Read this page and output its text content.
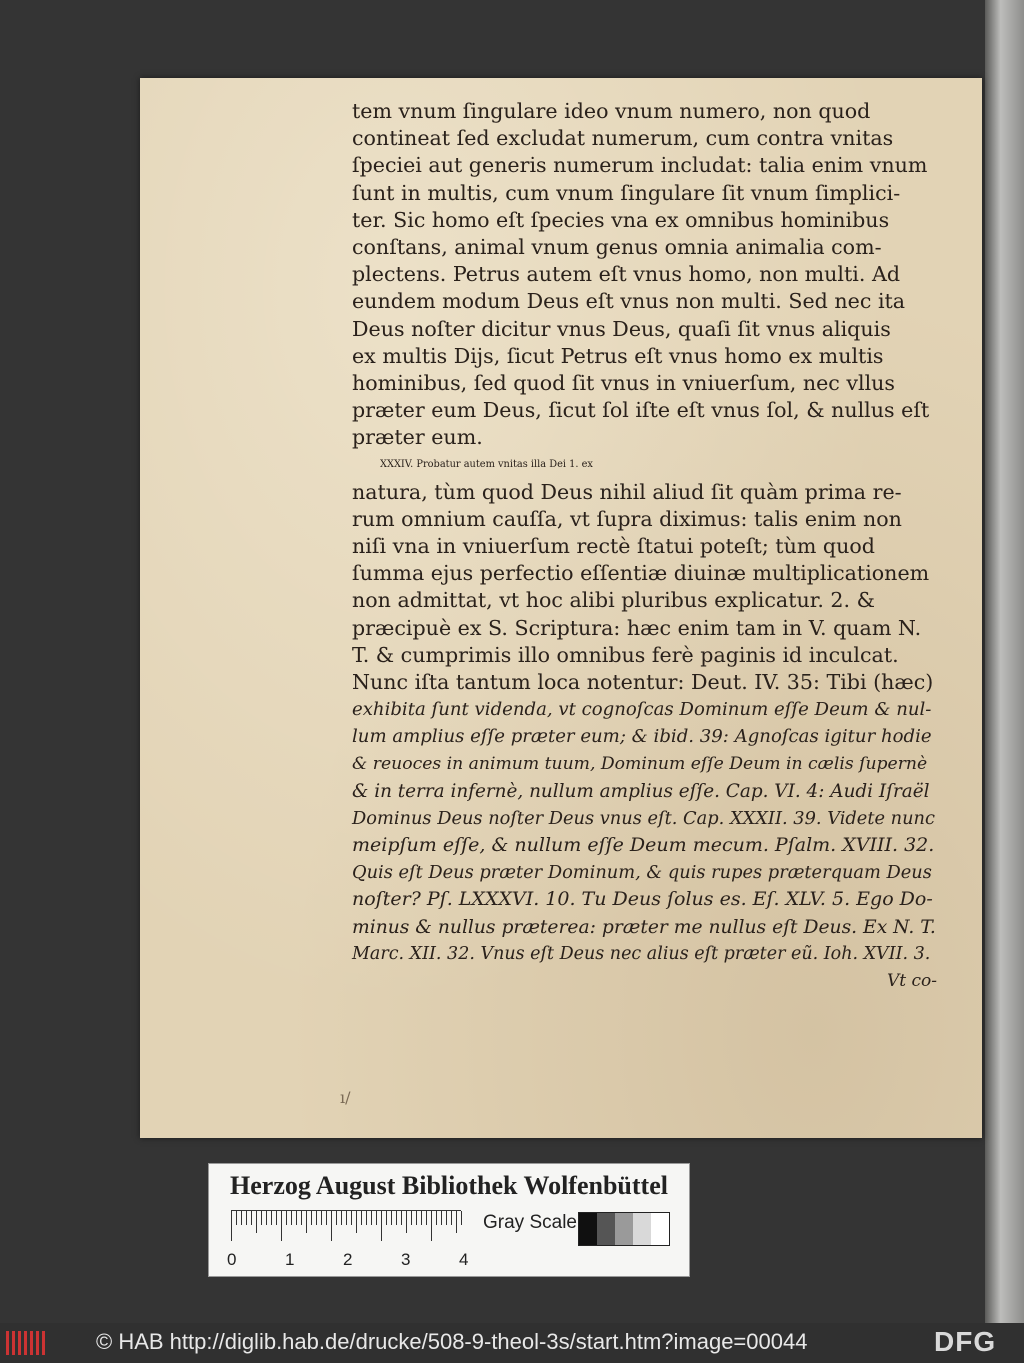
tem vnum ſingulare ideo vnum numero, non quod
contineat ſed excludat numerum, cum contra vnitas
ſpeciei aut generis numerum includat: talia enim vnum
ſunt in multis, cum vnum ſingulare ſit vnum ſimplici-
ter. Sic homo eſt ſpecies vna ex omnibus hominibus
conſtans, animal vnum genus omnia animalia com-
plectens. Petrus autem eſt vnus homo, non multi. Ad
eundem modum Deus eſt vnus non multi. Sed nec ita
Deus noſter dicitur vnus Deus, quaſi ſit vnus aliquis
ex multis Dijs, ſicut Petrus eſt vnus homo ex multis
hominibus, ſed quod ſit vnus in vniuerſum, nec vllus
præter eum Deus, ſicut ſol iſte eſt vnus ſol, & nullus eſt
præter eum.
XXXIV. Probatur autem vnitas illa Dei 1. ex
natura, tùm quod Deus nihil aliud ſit quàm prima re-
rum omnium cauſſa, vt ſupra diximus: talis enim non
niſi vna in vniuerſum rectè ſtatui poteſt; tùm quod
ſumma ejus perfectio eſſentiæ diuinæ multiplicationem
non admittat, vt hoc alibi pluribus explicatur. 2. &
præcipuè ex S. Scriptura: hæc enim tam in V. quam N.
T. & cumprimis illo omnibus ferè paginis id inculcat.
Nunc iſta tantum loca notentur: Deut. IV. 35: Tibi (hæc)
exhibita ſunt videnda, vt cognoſcas Dominum eſſe Deum & nul-
lum amplius eſſe præter eum; & ibid. 39: Agnoſcas igitur hodie
& reuoces in animum tuum, Dominum eſſe Deum in cælis ſupernè
& in terra infernè, nullum amplius eſſe. Cap. VI. 4: Audi Iſraël
Dominus Deus noſter Deus vnus eſt. Cap. XXXII. 39. Videte nunc
meipſum eſſe, & nullum eſſe Deum mecum. Pſalm. XVIII. 32.
Quis eſt Deus præter Dominum, & quis rupes præterquam Deus
noſter? Pſ. LXXXVI. 10. Tu Deus ſolus es. Eſ. XLV. 5. Ego Do-
minus & nullus præterea: præter me nullus eſt Deus. Ex N. T.
Marc. XII. 32. Vnus eſt Deus nec alius eſt præter eũ. Ioh. XVII. 3.
Vt co-
ı/
Herzog August Bibliothek Wolfenbüttel
0	1	2	3	4
Gray Scale
© HAB http://diglib.hab.de/drucke/508-9-theol-3s/start.htm?image=00044	DFG
